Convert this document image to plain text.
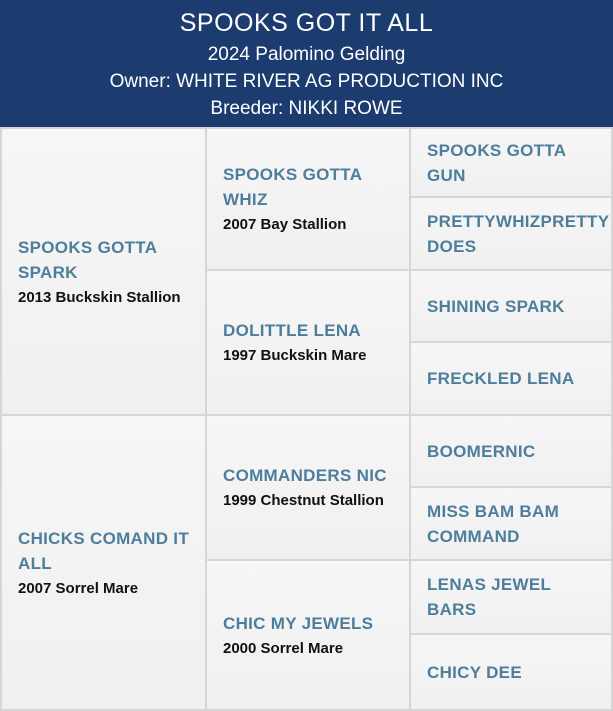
SPOOKS GOT IT ALL
2024 Palomino Gelding
Owner: WHITE RIVER AG PRODUCTION INC
Breeder: NIKKI ROWE
SPOOKS GOTTA SPARK
2013 Buckskin Stallion
CHICKS COMAND IT ALL
2007 Sorrel Mare
SPOOKS GOTTA WHIZ
2007 Bay Stallion
DOLITTLE LENA
1997 Buckskin Mare
COMMANDERS NIC
1999 Chestnut Stallion
CHIC MY JEWELS
2000 Sorrel Mare
SPOOKS GOTTA GUN
PRETTYWHIZPRETTY DOES
SHINING SPARK
FRECKLED LENA
BOOMERNIC
MISS BAM BAM COMMAND
LENAS JEWEL BARS
CHICY DEE
